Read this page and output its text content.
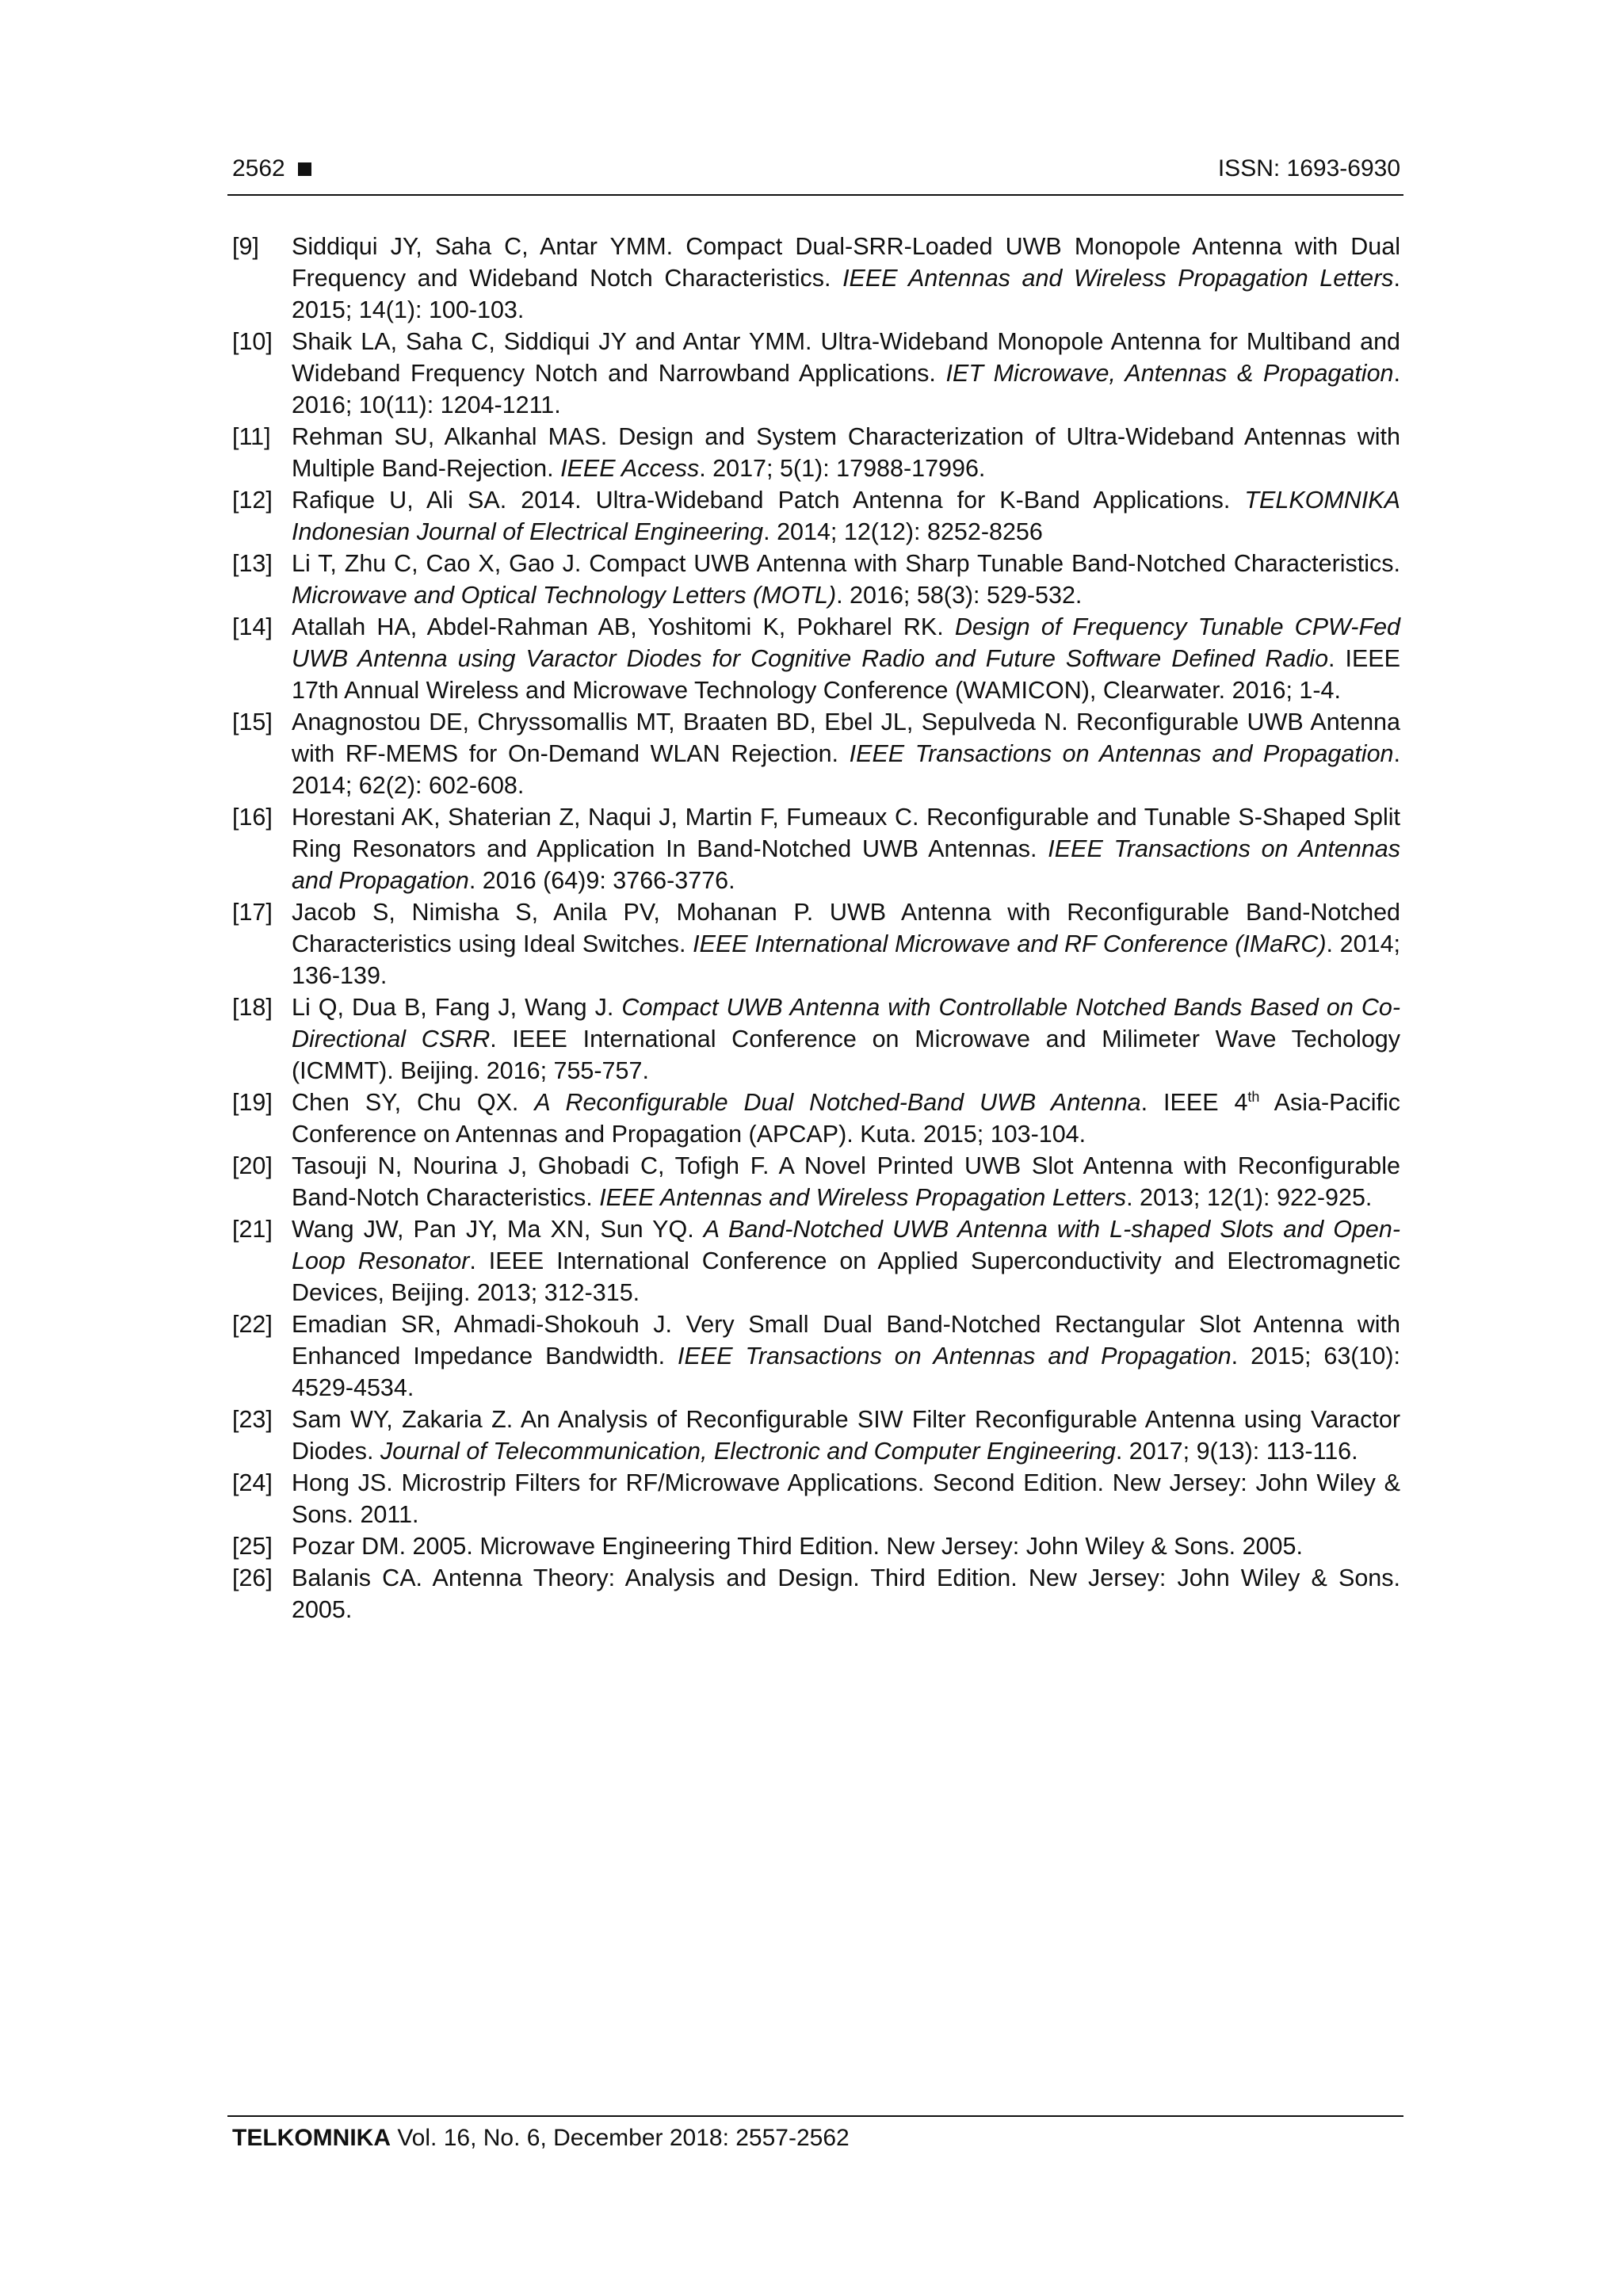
2562	ISSN: 1693-6930
[9]	Siddiqui JY, Saha C, Antar YMM. Compact Dual-SRR-Loaded UWB Monopole Antenna with Dual Frequency and Wideband Notch Characteristics. IEEE Antennas and Wireless Propagation Letters. 2015; 14(1): 100-103.
[10] Shaik LA, Saha C, Siddiqui JY and Antar YMM. Ultra-Wideband Monopole Antenna for Multiband and Wideband Frequency Notch and Narrowband Applications. IET Microwave, Antennas & Propagation. 2016; 10(11): 1204-1211.
[11] Rehman SU, Alkanhal MAS. Design and System Characterization of Ultra-Wideband Antennas with Multiple Band-Rejection. IEEE Access. 2017; 5(1): 17988-17996.
[12] Rafique U, Ali SA. 2014. Ultra-Wideband Patch Antenna for K-Band Applications. TELKOMNIKA Indonesian Journal of Electrical Engineering. 2014; 12(12): 8252-8256
[13] Li T, Zhu C, Cao X, Gao J. Compact UWB Antenna with Sharp Tunable Band-Notched Characteristics. Microwave and Optical Technology Letters (MOTL). 2016; 58(3): 529-532.
[14] Atallah HA, Abdel-Rahman AB, Yoshitomi K, Pokharel RK. Design of Frequency Tunable CPW-Fed UWB Antenna using Varactor Diodes for Cognitive Radio and Future Software Defined Radio. IEEE 17th Annual Wireless and Microwave Technology Conference (WAMICON), Clearwater. 2016; 1-4.
[15] Anagnostou DE, Chryssomallis MT, Braaten BD, Ebel JL, Sepulveda N. Reconfigurable UWB Antenna with RF-MEMS for On-Demand WLAN Rejection. IEEE Transactions on Antennas and Propagation. 2014; 62(2): 602-608.
[16] Horestani AK, Shaterian Z, Naqui J, Martin F, Fumeaux C. Reconfigurable and Tunable S-Shaped Split Ring Resonators and Application In Band-Notched UWB Antennas. IEEE Transactions on Antennas and Propagation. 2016 (64)9: 3766-3776.
[17] Jacob S, Nimisha S, Anila PV, Mohanan P. UWB Antenna with Reconfigurable Band-Notched Characteristics using Ideal Switches. IEEE International Microwave and RF Conference (IMaRC). 2014; 136-139.
[18] Li Q, Dua B, Fang J, Wang J. Compact UWB Antenna with Controllable Notched Bands Based on Co-Directional CSRR. IEEE International Conference on Microwave and Milimeter Wave Techology (ICMMT). Beijing. 2016; 755-757.
[19] Chen SY, Chu QX. A Reconfigurable Dual Notched-Band UWB Antenna. IEEE 4th Asia-Pacific Conference on Antennas and Propagation (APCAP). Kuta. 2015; 103-104.
[20] Tasouji N, Nourina J, Ghobadi C, Tofigh F. A Novel Printed UWB Slot Antenna with Reconfigurable Band-Notch Characteristics. IEEE Antennas and Wireless Propagation Letters. 2013; 12(1): 922-925.
[21] Wang JW, Pan JY, Ma XN, Sun YQ. A Band-Notched UWB Antenna with L-shaped Slots and Open-Loop Resonator. IEEE International Conference on Applied Superconductivity and Electromagnetic Devices, Beijing. 2013; 312-315.
[22] Emadian SR, Ahmadi-Shokouh J. Very Small Dual Band-Notched Rectangular Slot Antenna with Enhanced Impedance Bandwidth. IEEE Transactions on Antennas and Propagation. 2015; 63(10): 4529-4534.
[23] Sam WY, Zakaria Z. An Analysis of Reconfigurable SIW Filter Reconfigurable Antenna using Varactor Diodes. Journal of Telecommunication, Electronic and Computer Engineering. 2017; 9(13): 113-116.
[24] Hong JS. Microstrip Filters for RF/Microwave Applications. Second Edition. New Jersey: John Wiley & Sons. 2011.
[25] Pozar DM. 2005. Microwave Engineering Third Edition. New Jersey: John Wiley & Sons. 2005.
[26] Balanis CA. Antenna Theory: Analysis and Design. Third Edition. New Jersey: John Wiley & Sons. 2005.
TELKOMNIKA Vol. 16, No. 6, December 2018: 2557-2562
